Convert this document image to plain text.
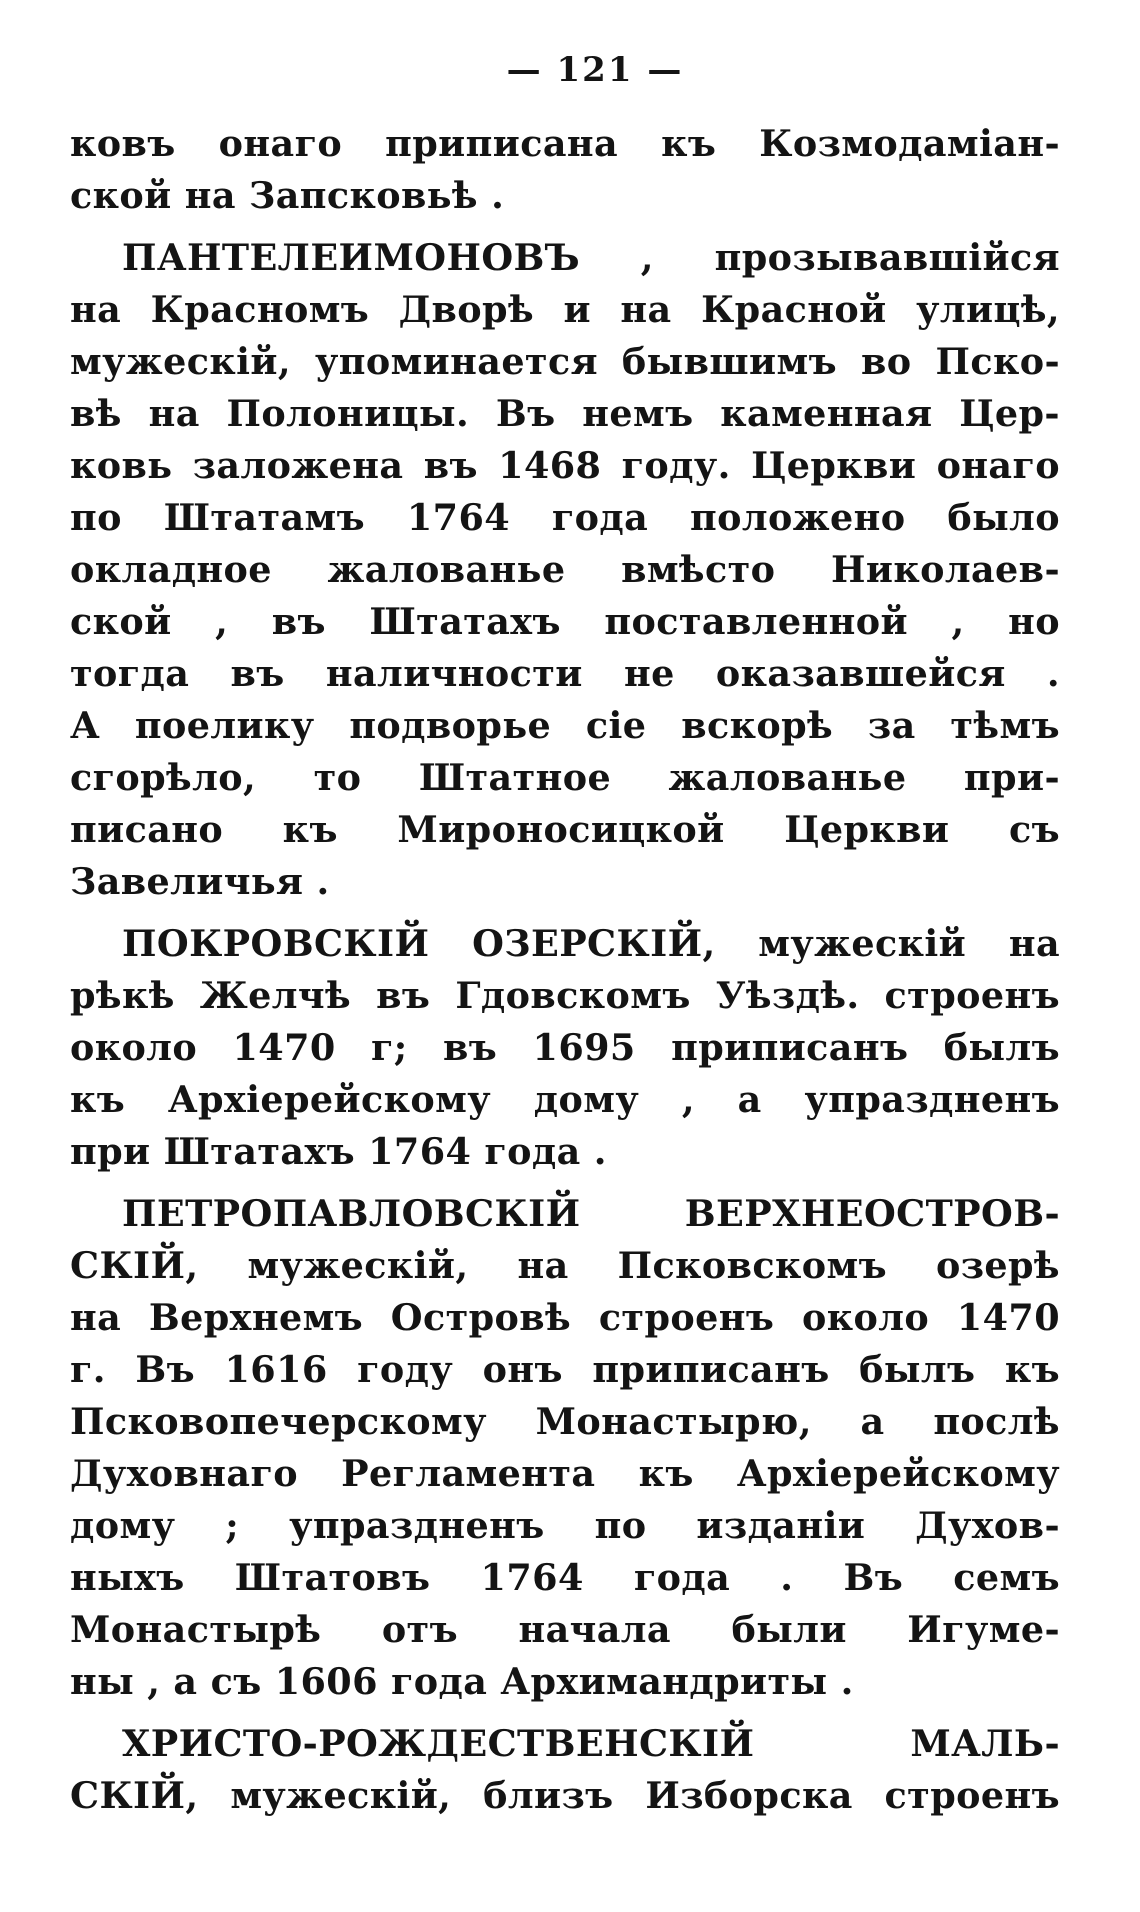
— 121 —
ковъ онаго приписана къ Козмодаміан-
ской на Запсковьѣ .
ПАНТЕЛЕИМОНОВЪ , прозывавшійся
на Красномъ Дворѣ и на Красной улицѣ,
мужескій, упоминается бывшимъ во Пско-
вѣ на Полоницы. Въ немъ каменная Цер-
ковь заложена въ 1468 году. Церкви онаго
по Штатамъ 1764 года положено было
окладное жалованье вмѣсто Николаев-
ской , въ Штатахъ поставленной , но
тогда въ наличности не оказавшейся .
А поелику подворье сіе вскорѣ за тѣмъ
сгорѣло, то Штатное жалованье при-
писано къ Мироносицкой Церкви съ
Завеличья .
ПОКРОВСКІЙ ОЗЕРСКІЙ, мужескій на
рѣкѣ Желчѣ въ Гдовскомъ Уѣздѣ. строенъ
около 1470 г; въ 1695 приписанъ былъ
къ Архіерейскому дому , а упраздненъ
при Штатахъ 1764 года .
ПЕТРОПАВЛОВСКІЙ ВЕРХНЕОСТРОВ-
СКІЙ, мужескій, на Псковскомъ озерѣ
на Верхнемъ Островѣ строенъ около 1470
г. Въ 1616 году онъ приписанъ былъ къ
Псковопечерскому Монастырю, а послѣ
Духовнаго Регламента къ Архіерейскому
дому ; упраздненъ по изданіи Духов-
ныхъ Штатовъ 1764 года . Въ семъ
Монастырѣ отъ начала были Игуме-
ны , а съ 1606 года Архимандриты .
ХРИСТО-РОЖДЕСТВЕНСКІЙ МАЛЬ-
СКІЙ, мужескій, близъ Изборска строенъ
